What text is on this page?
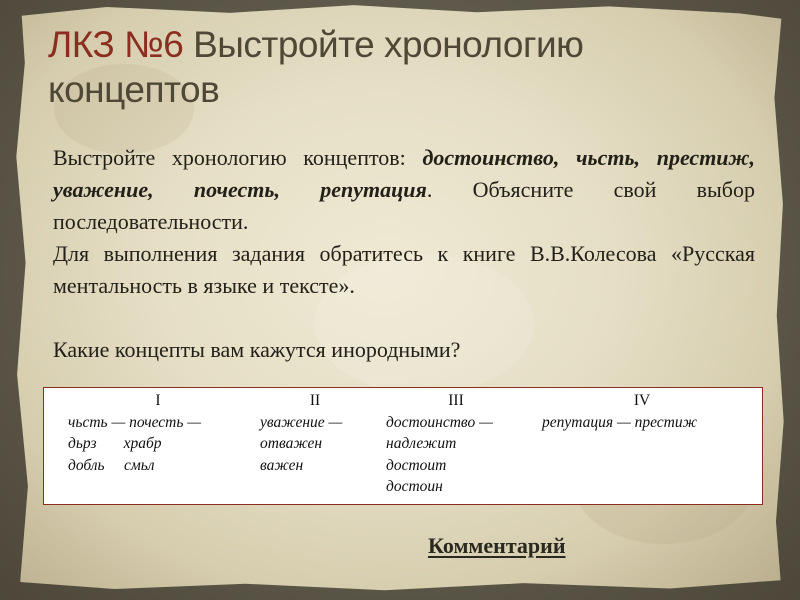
ЛКЗ №6 Выстройте хронологию концептов

Выстройте хронологию концептов: достоинство, чьсть, престиж, уважение, почесть, репутация. Объясните свой выбор последовательности.

Для выполнения задания обратитесь к книге В.В.Колесова «Русская ментальность в языке и тексте».

Какие концепты вам кажутся инородными?

I
чьсть — почесть —
дьрз       храбр
добль     смьл
II
уважение —
отважен
важен
III
достоинство —
надлежит
достоит
достоин
IV
репутация — престиж
Комментарий
